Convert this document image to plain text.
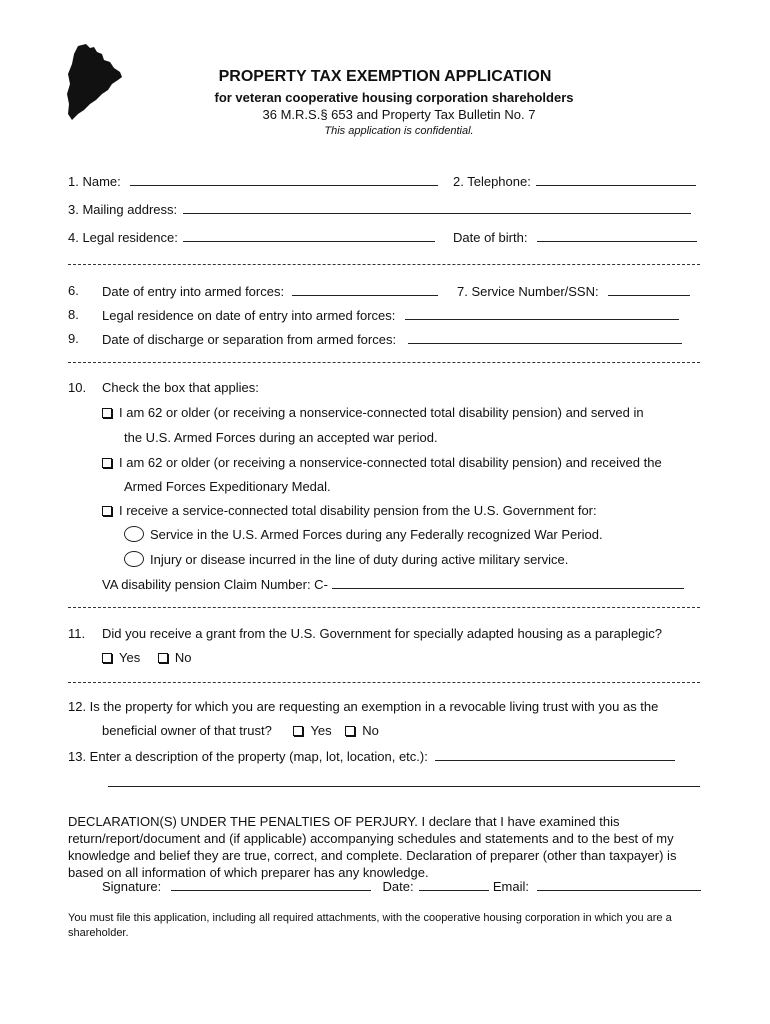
PROPERTY TAX EXEMPTION APPLICATION
for veteran cooperative housing corporation shareholders
36 M.R.S.§ 653 and Property Tax Bulletin No. 7
This application is confidential.
1. Name:	2. Telephone:
3. Mailing address:
4. Legal residence:	Date of birth:
6. Date of entry into armed forces:	7. Service Number/SSN:
8. Legal residence on date of entry into armed forces:
9. Date of discharge or separation from armed forces:
10. Check the box that applies:
I am 62 or older (or receiving a nonservice-connected total disability pension) and served in
the U.S. Armed Forces during an accepted war period.
I am 62 or older (or receiving a nonservice-connected total disability pension) and received the
Armed Forces Expeditionary Medal.
I receive a service-connected total disability pension from the U.S. Government for:
Service in the U.S. Armed Forces during any Federally recognized War Period.
Injury or disease incurred in the line of duty during active military service.
VA disability pension Claim Number: C-
11. Did you receive a grant from the U.S. Government for specially adapted housing as a paraplegic?
Yes	No
12. Is the property for which you are requesting an exemption in a revocable living trust with you as the
beneficial owner of that trust?	Yes No
13. Enter a description of the property (map, lot, location, etc.):
DECLARATION(S) UNDER THE PENALTIES OF PERJURY. I declare that I have examined this return/report/document and (if applicable) accompanying schedules and statements and to the best of my knowledge and belief they are true, correct, and complete. Declaration of preparer (other than taxpayer) is based on all information of which preparer has any knowledge.
Signature:	Date:	Email:
You must file this application, including all required attachments, with the cooperative housing corporation in which you are a shareholder.
